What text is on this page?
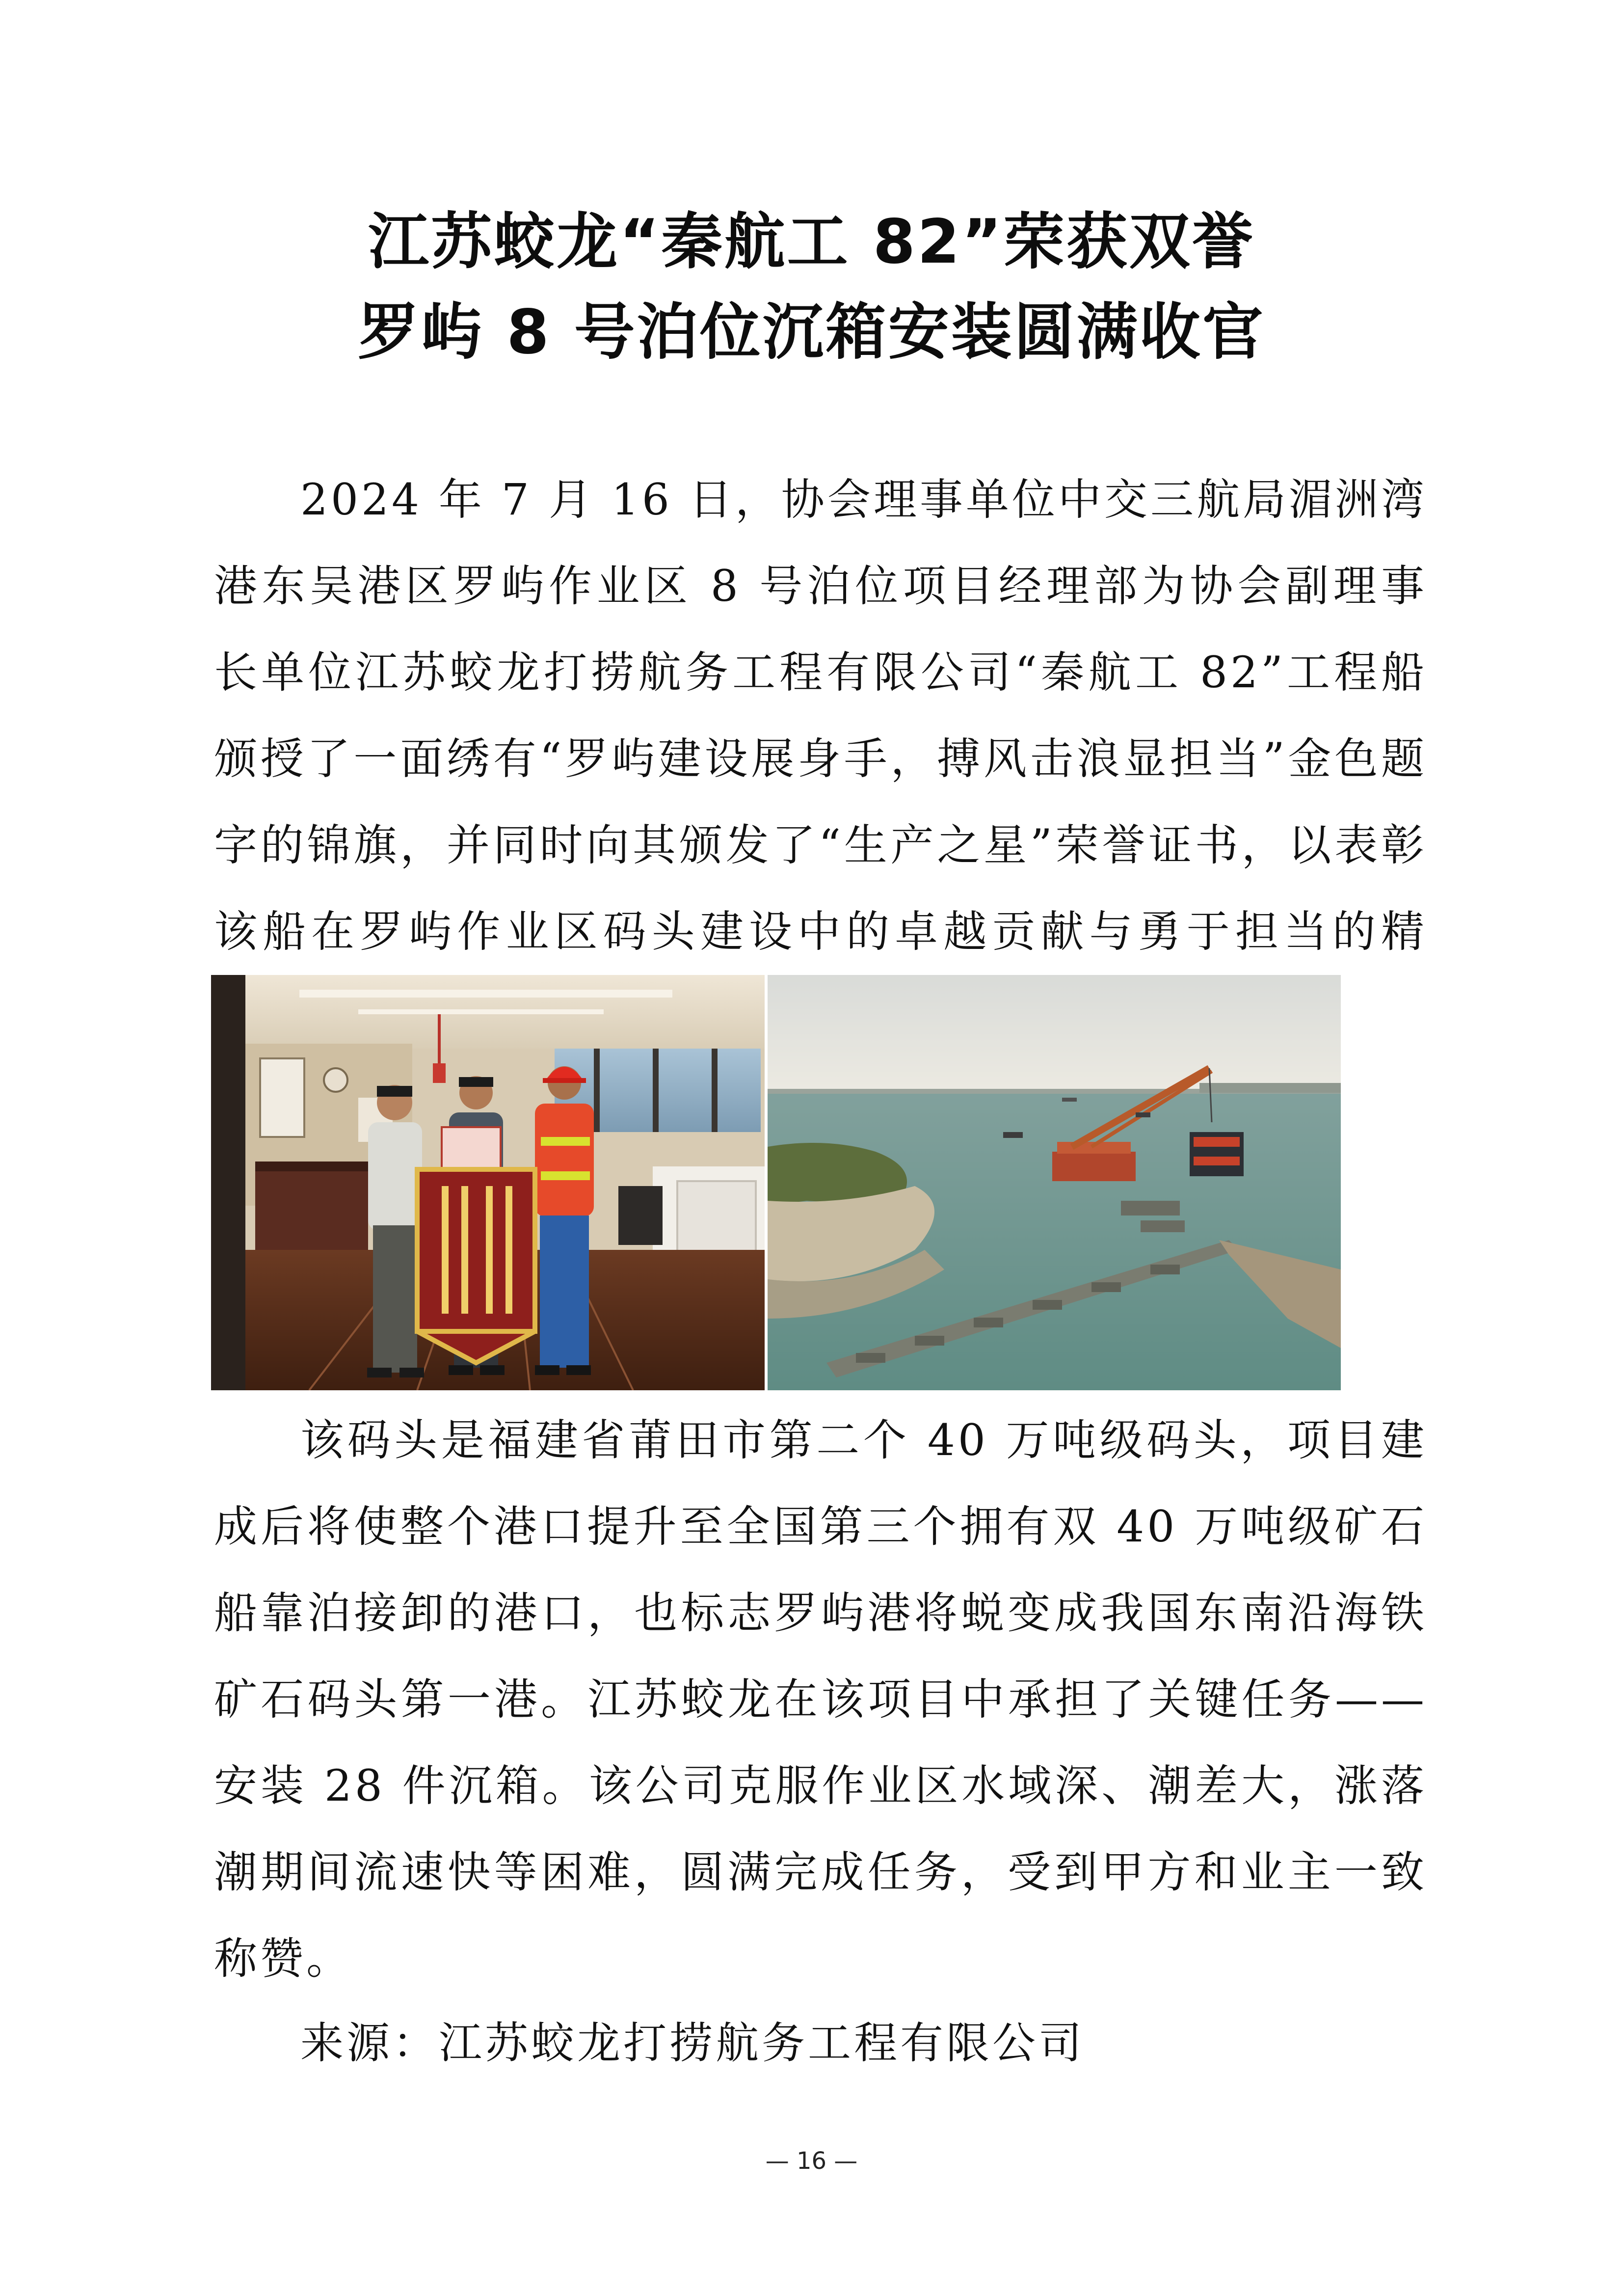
江苏蛟龙“秦航工 82”荣获双誉
罗屿 8 号泊位沉箱安装圆满收官

2024 年 7 月 16 日，协会理事单位中交三航局湄洲湾港东吴港区罗屿作业区 8 号泊位项目经理部为协会副理事长单位江苏蛟龙打捞航务工程有限公司“秦航工 82”工程船颁授了一面绣有“罗屿建设展身手，搏风击浪显担当”金色题字的锦旗，并同时向其颁发了“生产之星”荣誉证书，以表彰该船在罗屿作业区码头建设中的卓越贡献与勇于担当的精

该码头是福建省莆田市第二个 40 万吨级码头，项目建成后将使整个港口提升至全国第三个拥有双 40 万吨级矿石船靠泊接卸的港口，也标志罗屿港将蜕变成我国东南沿海铁矿石码头第一港。江苏蛟龙在该项目中承担了关键任务——安装 28 件沉箱。该公司克服作业区水域深、潮差大，涨落潮期间流速快等困难，圆满完成任务，受到甲方和业主一致称赞。

来源：江苏蛟龙打捞航务工程有限公司

— 16 —
